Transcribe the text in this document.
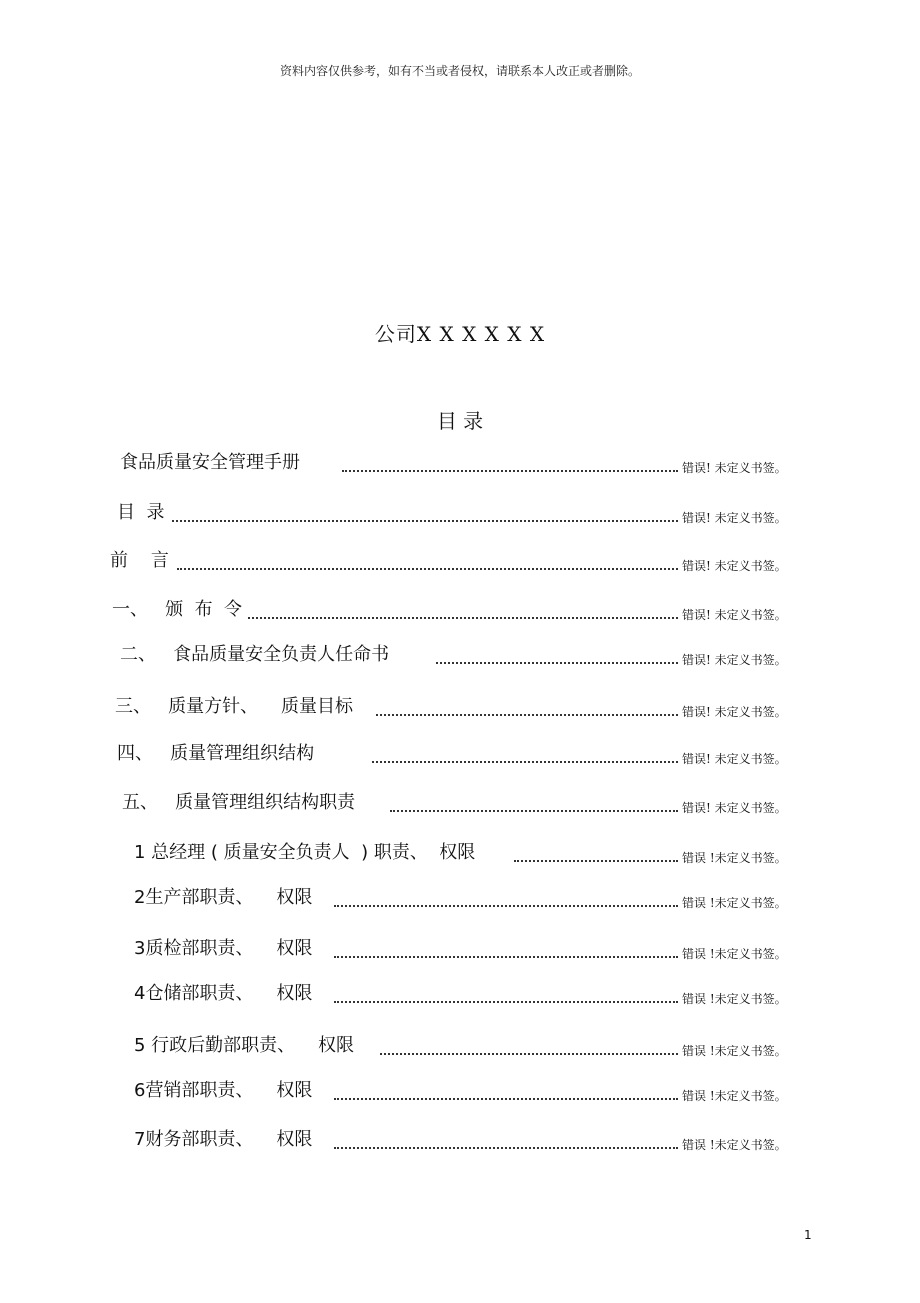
资料内容仅供参考，如有不当或者侵权，请联系本人改正或者删除。
公司X X X X X X
目 录
食品质量安全管理手册	错误! 未定义书签。
目  录	错误! 未定义书签。
前    言	错误! 未定义书签。
一、   颁  布  令	错误! 未定义书签。
二、   食品质量安全负责人任命书	错误! 未定义书签。
三、   质量方针、    质量目标	错误! 未定义书签。
四、   质量管理组织结构	错误! 未定义书签。
五、   质量管理组织结构职责	错误! 未定义书签。
1 总经理 ( 质量安全负责人  ) 职责、  权限	错误 !未定义书签。
2生产部职责、    权限	错误 !未定义书签。
3质检部职责、    权限	错误 !未定义书签。
4仓储部职责、    权限	错误 !未定义书签。
5 行政后勤部职责、    权限	错误 !未定义书签。
6营销部职责、    权限	错误 !未定义书签。
7财务部职责、    权限	错误 !未定义书签。
1
